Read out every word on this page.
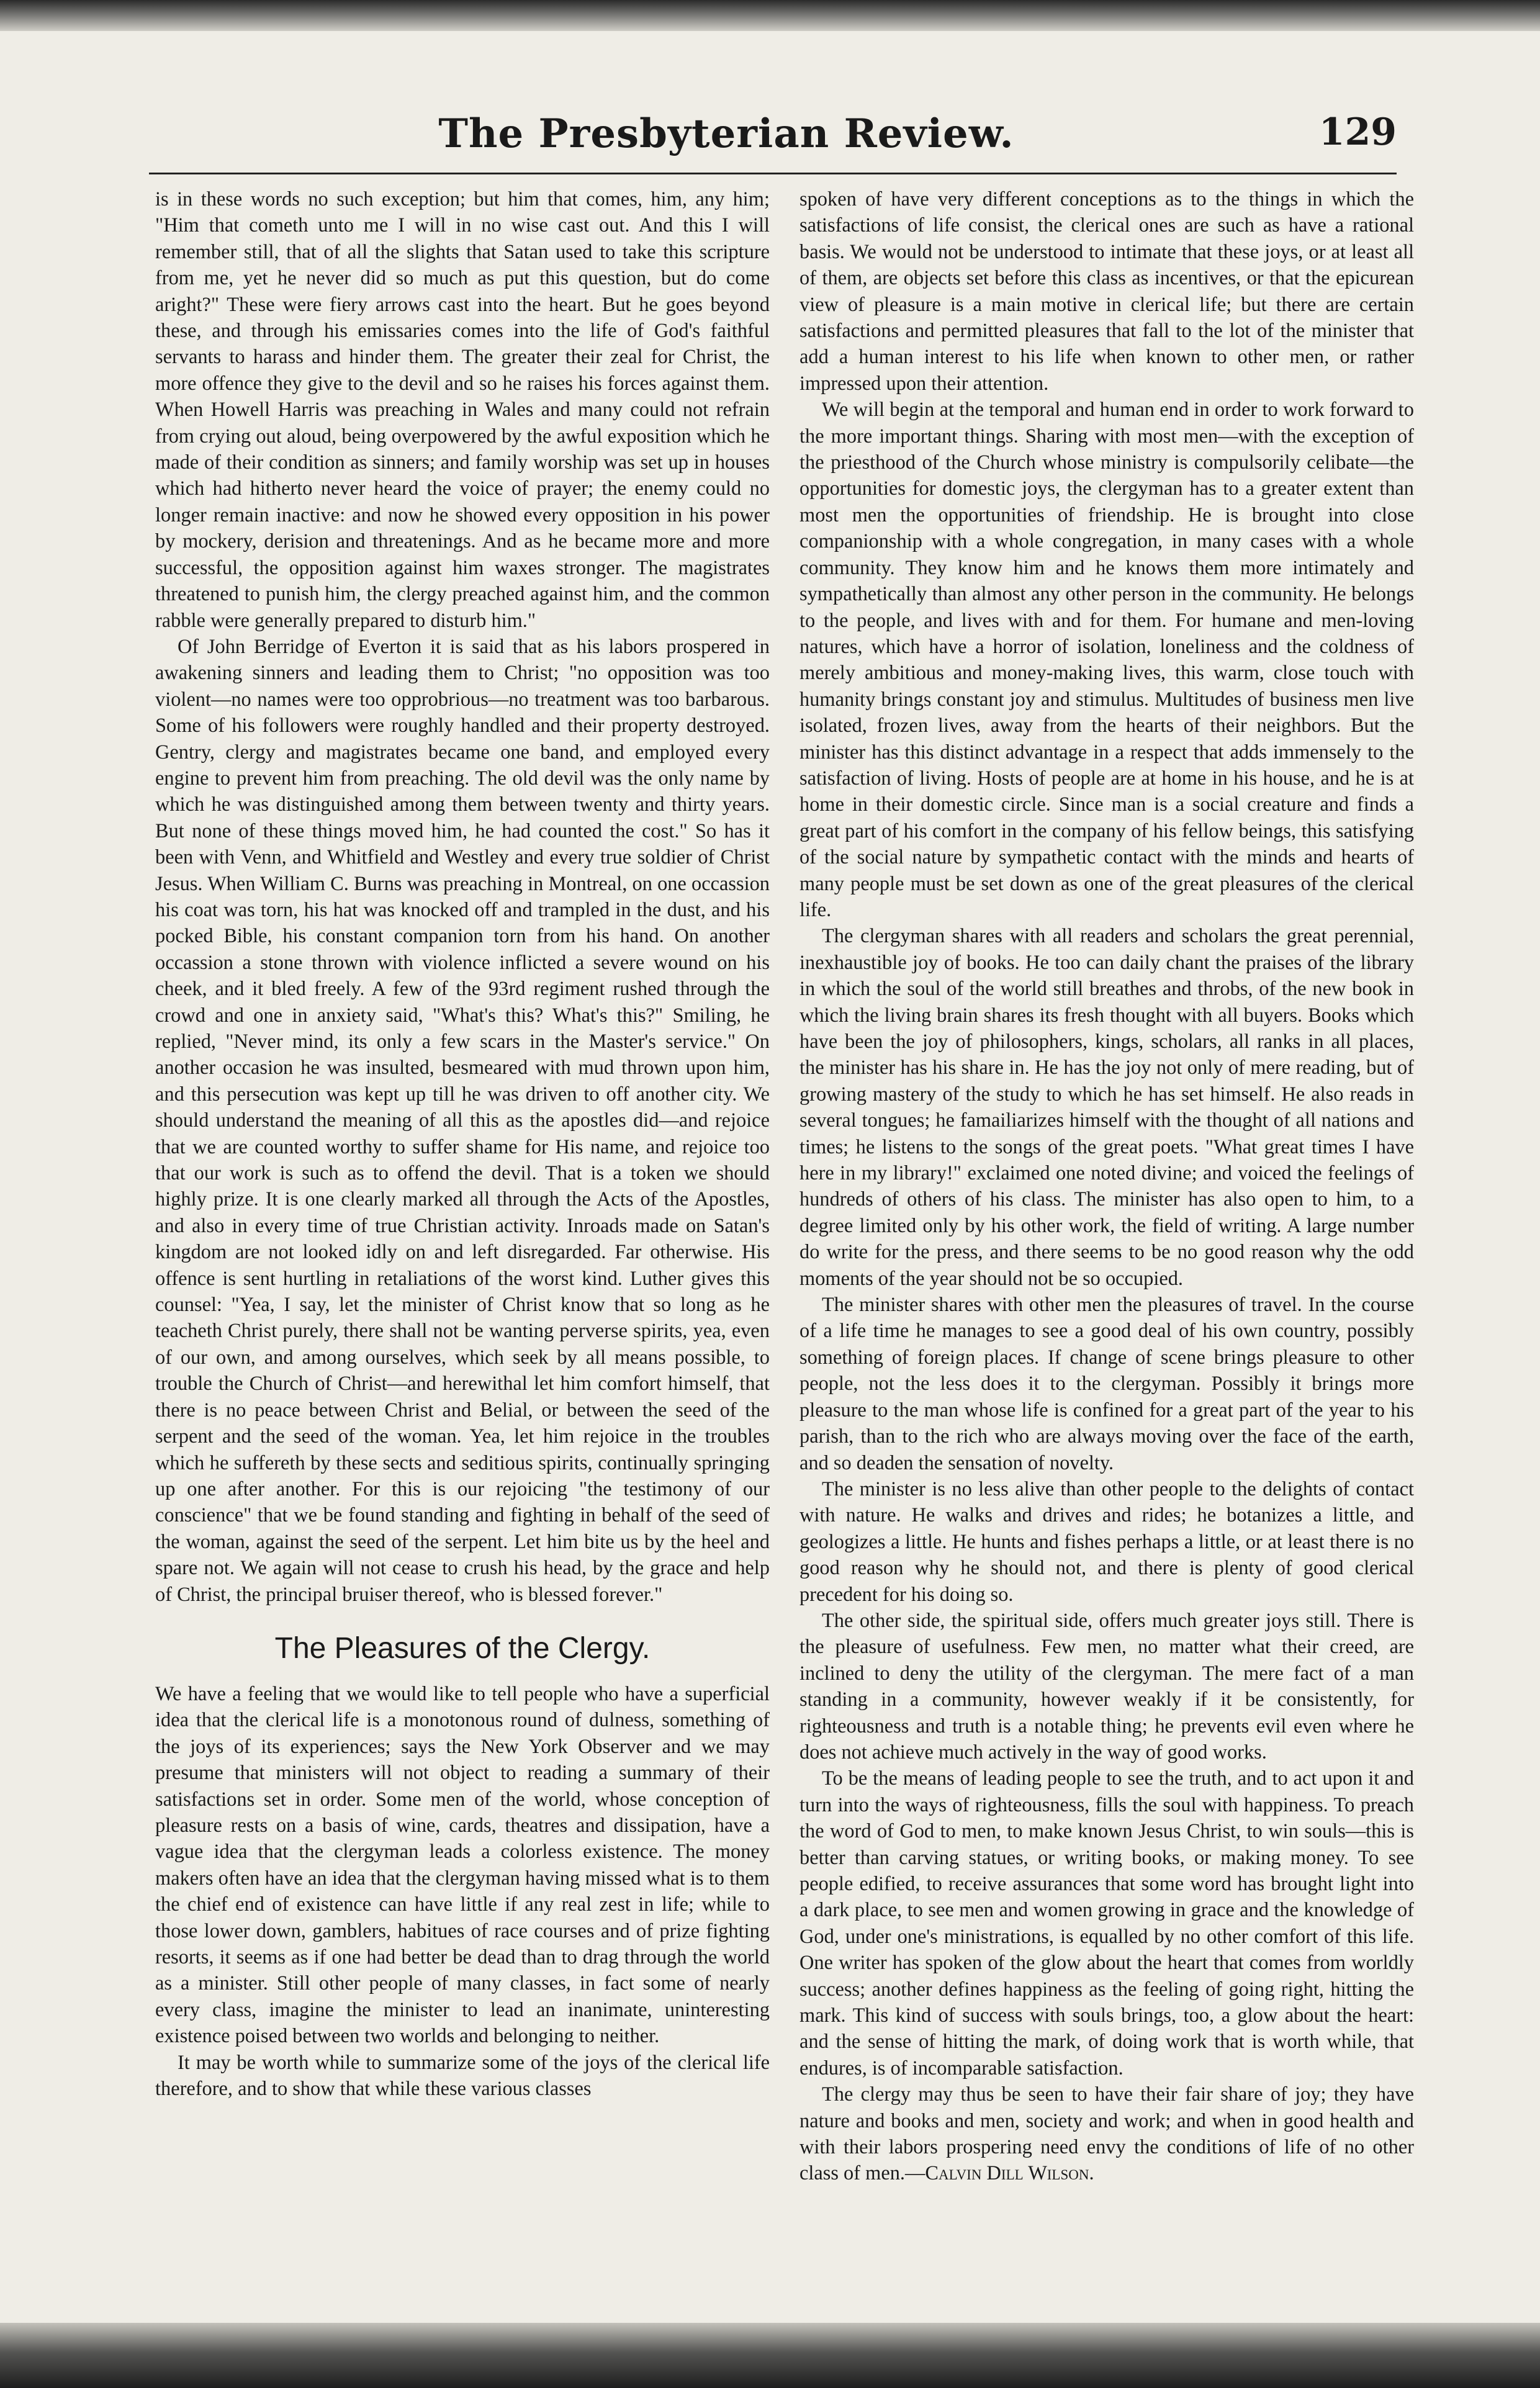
The Presbyterian Review.	129

is in these words no such exception; but him that comes, him, any him; "Him that cometh unto me I will in no wise cast out. And this I will remember still, that of all the slights that Satan used to take this scripture from me, yet he never did so much as put this question, but do come aright?" These were fiery arrows cast into the heart. But he goes beyond these, and through his emissaries comes into the life of God's faithful servants to harass and hinder them. The greater their zeal for Christ, the more offence they give to the devil and so he raises his forces against them. When Howell Harris was preaching in Wales and many could not refrain from crying out aloud, being overpowered by the awful exposition which he made of their condition as sinners; and family worship was set up in houses which had hitherto never heard the voice of prayer; the enemy could no longer remain inactive: and now he showed every opposition in his power by mockery, derision and threatenings. And as he became more and more successful, the opposition against him waxes stronger. The magistrates threatened to punish him, the clergy preached against him, and the common rabble were generally prepared to disturb him."

Of John Berridge of Everton it is said that as his labors prospered in awakening sinners and leading them to Christ; "no opposition was too violent—no names were too opprobrious—no treatment was too barbarous. Some of his followers were roughly handled and their property destroyed. Gentry, clergy and magistrates became one band, and employed every engine to prevent him from preaching. The old devil was the only name by which he was distinguished among them between twenty and thirty years. But none of these things moved him, he had counted the cost." So has it been with Venn, and Whitfield and Westley and every true soldier of Christ Jesus. When William C. Burns was preaching in Montreal, on one occassion his coat was torn, his hat was knocked off and trampled in the dust, and his pocked Bible, his constant companion torn from his hand. On another occassion a stone thrown with violence inflicted a severe wound on his cheek, and it bled freely. A few of the 93rd regiment rushed through the crowd and one in anxiety said, "What's this? What's this?" Smiling, he replied, "Never mind, its only a few scars in the Master's service." On another occasion he was insulted, besmeared with mud thrown upon him, and this persecution was kept up till he was driven to off another city. We should understand the meaning of all this as the apostles did—and rejoice that we are counted worthy to suffer shame for His name, and rejoice too that our work is such as to offend the devil. That is a token we should highly prize. It is one clearly marked all through the Acts of the Apostles, and also in every time of true Christian activity. Inroads made on Satan's kingdom are not looked idly on and left disregarded. Far otherwise. His offence is sent hurtling in retaliations of the worst kind. Luther gives this counsel: "Yea, I say, let the minister of Christ know that so long as he teacheth Christ purely, there shall not be wanting perverse spirits, yea, even of our own, and among ourselves, which seek by all means possible, to trouble the Church of Christ—and herewithal let him comfort himself, that there is no peace between Christ and Belial, or between the seed of the serpent and the seed of the woman. Yea, let him rejoice in the troubles which he suffereth by these sects and seditious spirits, continually springing up one after another. For this is our rejoicing "the testimony of our conscience" that we be found standing and fighting in behalf of the seed of the woman, against the seed of the serpent. Let him bite us by the heel and spare not. We again will not cease to crush his head, by the grace and help of Christ, the principal bruiser thereof, who is blessed forever."

The Pleasures of the Clergy.

We have a feeling that we would like to tell people who have a superficial idea that the clerical life is a monotonous round of dulness, something of the joys of its experiences; says the New York Observer and we may presume that ministers will not object to reading a summary of their satisfactions set in order. Some men of the world, whose conception of pleasure rests on a basis of wine, cards, theatres and dissipation, have a vague idea that the clergyman leads a colorless existence. The money makers often have an idea that the clergyman having missed what is to them the chief end of existence can have little if any real zest in life; while to those lower down, gamblers, habitues of race courses and of prize fighting resorts, it seems as if one had better be dead than to drag through the world as a minister. Still other people of many classes, in fact some of nearly every class, imagine the minister to lead an inanimate, uninteresting existence poised between two worlds and belonging to neither.

It may be worth while to summarize some of the joys of the clerical life therefore, and to show that while these various classes

spoken of have very different conceptions as to the things in which the satisfactions of life consist, the clerical ones are such as have a rational basis. We would not be understood to intimate that these joys, or at least all of them, are objects set before this class as incentives, or that the epicurean view of pleasure is a main motive in clerical life; but there are certain satisfactions and permitted pleasures that fall to the lot of the minister that add a human interest to his life when known to other men, or rather impressed upon their attention.

We will begin at the temporal and human end in order to work forward to the more important things. Sharing with most men—with the exception of the priesthood of the Church whose ministry is compulsorily celibate—the opportunities for domestic joys, the clergyman has to a greater extent than most men the opportunities of friendship. He is brought into close companionship with a whole congregation, in many cases with a whole community. They know him and he knows them more intimately and sympathetically than almost any other person in the community. He belongs to the people, and lives with and for them. For humane and men-loving natures, which have a horror of isolation, loneliness and the coldness of merely ambitious and money-making lives, this warm, close touch with humanity brings constant joy and stimulus. Multitudes of business men live isolated, frozen lives, away from the hearts of their neighbors. But the minister has this distinct advantage in a respect that adds immensely to the satisfaction of living. Hosts of people are at home in his house, and he is at home in their domestic circle. Since man is a social creature and finds a great part of his comfort in the company of his fellow beings, this satisfying of the social nature by sympathetic contact with the minds and hearts of many people must be set down as one of the great pleasures of the clerical life.

The clergyman shares with all readers and scholars the great perennial, inexhaustible joy of books. He too can daily chant the praises of the library in which the soul of the world still breathes and throbs, of the new book in which the living brain shares its fresh thought with all buyers. Books which have been the joy of philosophers, kings, scholars, all ranks in all places, the minister has his share in. He has the joy not only of mere reading, but of growing mastery of the study to which he has set himself. He also reads in several tongues; he famailiarizes himself with the thought of all nations and times; he listens to the songs of the great poets. "What great times I have here in my library!" exclaimed one noted divine; and voiced the feelings of hundreds of others of his class. The minister has also open to him, to a degree limited only by his other work, the field of writing. A large number do write for the press, and there seems to be no good reason why the odd moments of the year should not be so occupied.

The minister shares with other men the pleasures of travel. In the course of a life time he manages to see a good deal of his own country, possibly something of foreign places. If change of scene brings pleasure to other people, not the less does it to the clergyman. Possibly it brings more pleasure to the man whose life is confined for a great part of the year to his parish, than to the rich who are always moving over the face of the earth, and so deaden the sensation of novelty.

The minister is no less alive than other people to the delights of contact with nature. He walks and drives and rides; he botanizes a little, and geologizes a little. He hunts and fishes perhaps a little, or at least there is no good reason why he should not, and there is plenty of good clerical precedent for his doing so.

The other side, the spiritual side, offers much greater joys still. There is the pleasure of usefulness. Few men, no matter what their creed, are inclined to deny the utility of the clergyman. The mere fact of a man standing in a community, however weakly if it be consistently, for righteousness and truth is a notable thing; he prevents evil even where he does not achieve much actively in the way of good works.

To be the means of leading people to see the truth, and to act upon it and turn into the ways of righteousness, fills the soul with happiness. To preach the word of God to men, to make known Jesus Christ, to win souls—this is better than carving statues, or writing books, or making money. To see people edified, to receive assurances that some word has brought light into a dark place, to see men and women growing in grace and the knowledge of God, under one's ministrations, is equalled by no other comfort of this life. One writer has spoken of the glow about the heart that comes from worldly success; another defines happiness as the feeling of going right, hitting the mark. This kind of success with souls brings, too, a glow about the heart: and the sense of hitting the mark, of doing work that is worth while, that endures, is of incomparable satisfaction.

The clergy may thus be seen to have their fair share of joy; they have nature and books and men, society and work; and when in good health and with their labors prospering need envy the conditions of life of no other class of men.—Calvin Dill Wilson.
